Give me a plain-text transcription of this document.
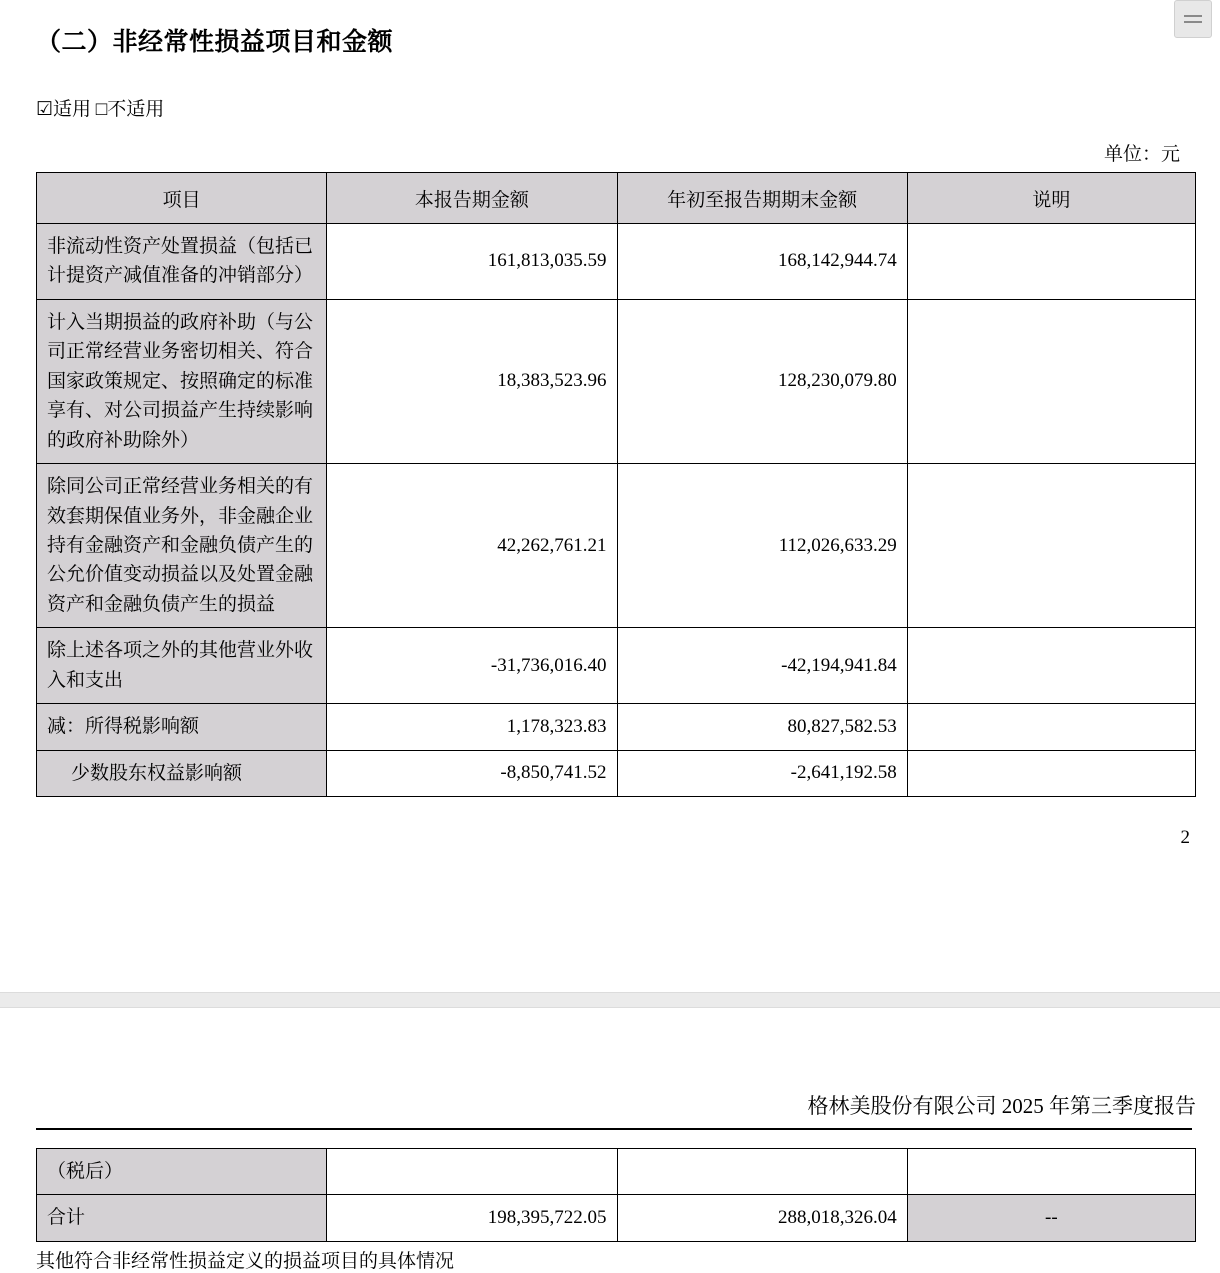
（二）非经常性损益项目和金额
☑适用 □不适用
单位：元
项目	本报告期金额	年初至报告期期末金额	说明
非流动性资产处置损益（包括已计提资产减值准备的冲销部分）	161,813,035.59	168,142,944.74	
计入当期损益的政府补助（与公司正常经营业务密切相关、符合国家政策规定、按照确定的标准享有、对公司损益产生持续影响的政府补助除外）	18,383,523.96	128,230,079.80	
除同公司正常经营业务相关的有效套期保值业务外，非金融企业持有金融资产和金融负债产生的公允价值变动损益以及处置金融资产和金融负债产生的损益	42,262,761.21	112,026,633.29	
除上述各项之外的其他营业外收入和支出	-31,736,016.40	-42,194,941.84	
减：所得税影响额	1,178,323.83	80,827,582.53	
少数股东权益影响额	-8,850,741.52	-2,641,192.58	
2
格林美股份有限公司 2025 年第三季度报告
（税后）			
合计	198,395,722.05	288,018,326.04	--
其他符合非经常性损益定义的损益项目的具体情况
